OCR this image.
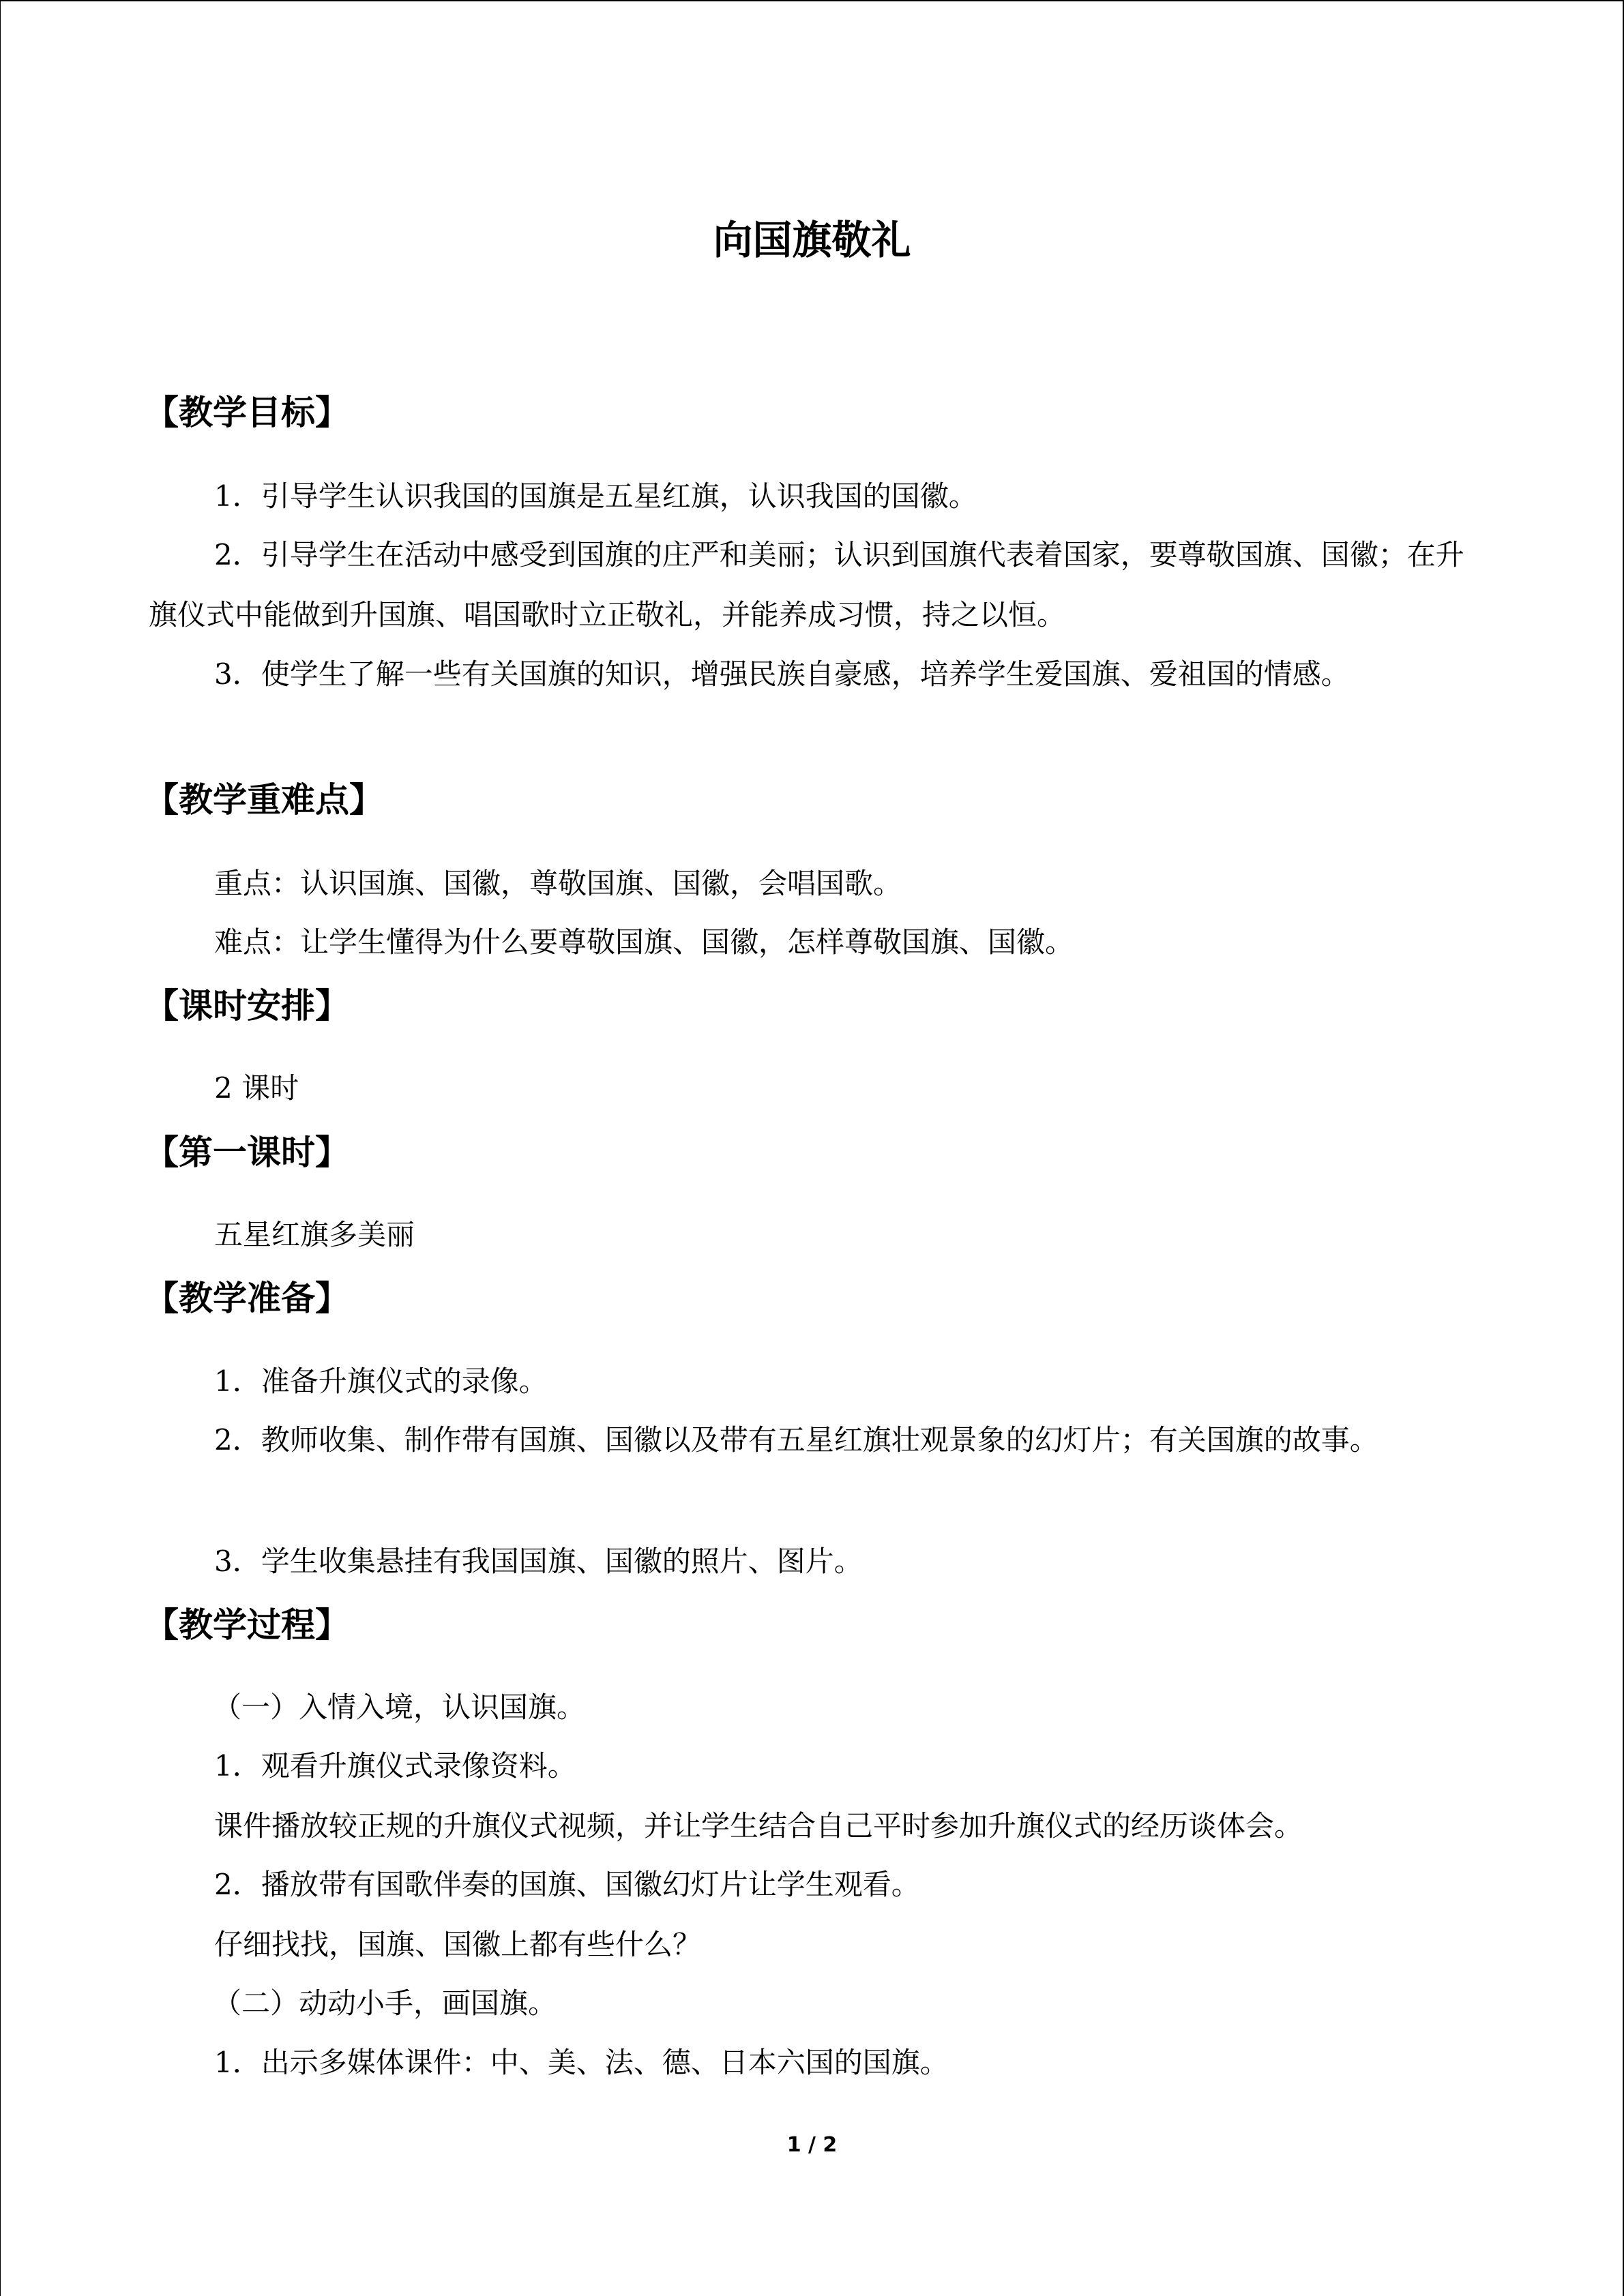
向国旗敬礼
【教学目标】

1．引导学生认识我国的国旗是五星红旗，认识我国的国徽。

2．引导学生在活动中感受到国旗的庄严和美丽；认识到国旗代表着国家，要尊敬国旗、国徽；在升旗仪式中能做到升国旗、唱国歌时立正敬礼，并能养成习惯，持之以恒。

3．使学生了解一些有关国旗的知识，增强民族自豪感，培养学生爱国旗、爱祖国的情感。

【教学重难点】

重点：认识国旗、国徽，尊敬国旗、国徽，会唱国歌。

难点：让学生懂得为什么要尊敬国旗、国徽，怎样尊敬国旗、国徽。

【课时安排】

2 课时

【第一课时】

五星红旗多美丽

【教学准备】

1．准备升旗仪式的录像。

2．教师收集、制作带有国旗、国徽以及带有五星红旗壮观景象的幻灯片；有关国旗的故事。

3．学生收集悬挂有我国国旗、国徽的照片、图片。

【教学过程】

（一）入情入境，认识国旗。

1．观看升旗仪式录像资料。

课件播放较正规的升旗仪式视频，并让学生结合自己平时参加升旗仪式的经历谈体会。

2．播放带有国歌伴奏的国旗、国徽幻灯片让学生观看。

仔细找找，国旗、国徽上都有些什么？

（二）动动小手，画国旗。

1．出示多媒体课件：中、美、法、德、日本六国的国旗。

1 / 2
